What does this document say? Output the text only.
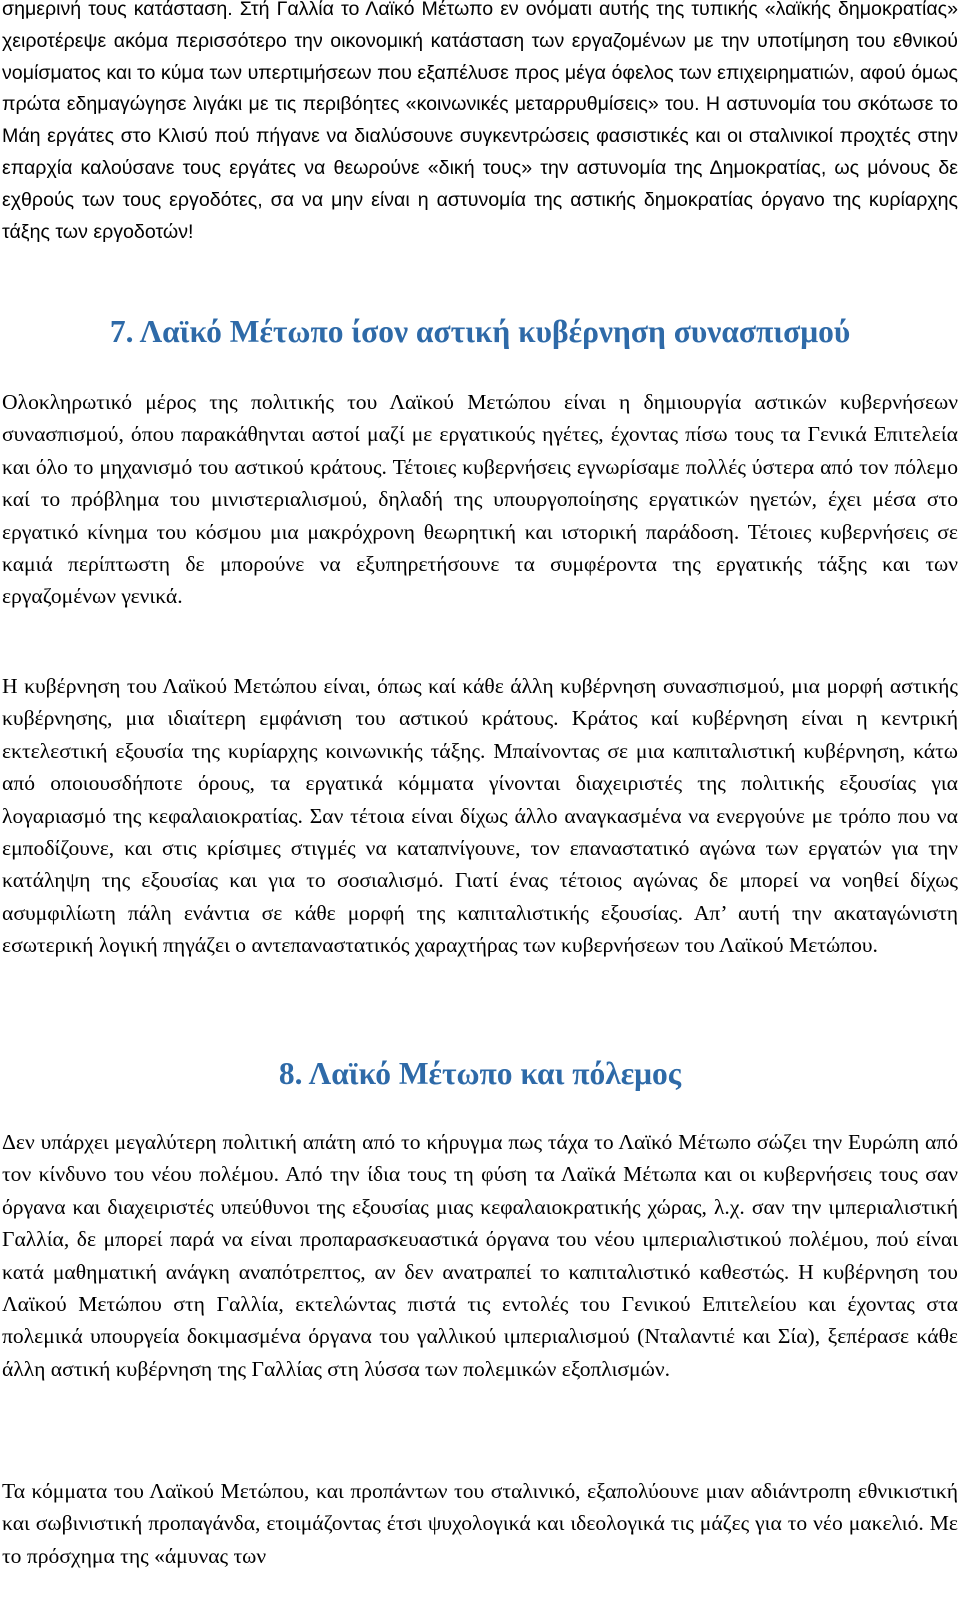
σημερινή τους κατάσταση. Στή Γαλλία το Λαϊκό Μέτωπο εν ονόματι αυτής της τυπικής «λαϊκής δημοκρατίας» χειροτέρεψε ακόμα περισσότερο την οικονομική κατάσταση των εργαζομένων με την υποτίμηση του εθνικού νομίσματος και το κύμα των υπερτιμήσεων που εξαπέλυσε προς μέγα όφελος των επιχειρηματιών, αφού όμως πρώτα εδημαγώγησε λιγάκι με τις περιβόητες «κοινωνικές μεταρρυθμίσεις» του. Η αστυνομία του σκότωσε το Μάη εργάτες στο Κλισύ πού πήγανε να διαλύσουνε συγκεντρώσεις φασιστικές και οι σταλινικοί προχτές στην επαρχία καλούσανε τους εργάτες να θεωρούνε «δική τους» την αστυνομία της Δημοκρατίας, ως μόνους δε εχθρούς των τους εργοδότες, σα να μην είναι η αστυνομία της αστικής δημοκρατίας όργανο της κυρίαρχης τάξης των εργοδοτών!

7. Λαϊκό Μέτωπο ίσον αστική κυβέρνηση συνασπισμού

Ολοκληρωτικό μέρος της πολιτικής του Λαϊκού Μετώπου είναι η δημιουργία αστικών κυβερνήσεων συνασπισμού, όπου παρακάθηνται αστοί μαζί με εργατικούς ηγέτες, έχοντας πίσω τους τα Γενικά Επιτελεία και όλο το μηχανισμό του αστικού κράτους. Τέτοιες κυβερνήσεις εγνωρίσαμε πολλές ύστερα από τον πόλεμο καί το πρόβλημα του μινιστεριαλισμού, δηλαδή της υπουργοποίησης εργατικών ηγετών, έχει μέσα στο εργατικό κίνημα του κόσμου μια μακρόχρονη θεωρητική και ιστορική παράδοση. Τέτοιες κυβερνήσεις σε καμιά περίπτωστη δε μπορούνε να εξυπηρετήσουνε τα συμφέροντα της εργατικής τάξης και των εργαζομένων γενικά.

Η κυβέρνηση του Λαϊκού Μετώπου είναι, όπως καί κάθε άλλη κυβέρνηση συνασπισμού, μια μορφή αστικής κυβέρνησης, μια ιδιαίτερη εμφάνιση του αστικού κράτους. Κράτος καί κυβέρνηση είναι η κεντρική εκτελεστική εξουσία της κυρίαρχης κοινωνικής τάξης. Μπαίνοντας σε μια καπιταλιστική κυβέρνηση, κάτω από οποιουσδήποτε όρους, τα εργατικά κόμματα γίνονται διαχειριστές της πολιτικής εξουσίας για λογαριασμό της κεφαλαιοκρατίας. Σαν τέτοια είναι δίχως άλλο αναγκασμένα να ενεργούνε με τρόπο που να εμποδίζουνε, και στις κρίσιμες στιγμές να καταπνίγουνε, τον επαναστατικό αγώνα των εργατών για την κατάληψη της εξουσίας και για το σοσιαλισμό. Γιατί ένας τέτοιος αγώνας δε μπορεί να νοηθεί δίχως ασυμφιλίωτη πάλη ενάντια σε κάθε μορφή της καπιταλιστικής εξουσίας. Απ’ αυτή την ακαταγώνιστη εσωτερική λογική πηγάζει ο αντεπαναστατικός χαραχτήρας των κυβερνήσεων του Λαϊκού Μετώπου.

8. Λαϊκό Μέτωπο και πόλεμος

Δεν υπάρχει μεγαλύτερη πολιτική απάτη από το κήρυγμα πως τάχα το Λαϊκό Μέτωπο σώζει την Ευρώπη από τον κίνδυνο του νέου πολέμου. Από την ίδια τους τη φύση τα Λαϊκά Μέτωπα και οι κυβερνήσεις τους σαν όργανα και διαχειριστές υπεύθυνοι της εξουσίας μιας κεφαλαιοκρατικής χώρας, λ.χ. σαν την ιμπεριαλιστική Γαλλία, δε μπορεί παρά να είναι προπαρασκευαστικά όργανα του νέου ιμπεριαλιστικού πολέμου, πού είναι κατά μαθηματική ανάγκη αναπότρεπτος, αν δεν ανατραπεί το καπιταλιστικό καθεστώς. Η κυβέρνηση του Λαϊκού Μετώπου στη Γαλλία, εκτελώντας πιστά τις εντολές του Γενικού Επιτελείου και έχοντας στα πολεμικά υπουργεία δοκιμασμένα όργανα του γαλλικού ιμπεριαλισμού (Νταλαντιέ και Σία), ξεπέρασε κάθε άλλη αστική κυβέρνηση της Γαλλίας στη λύσσα των πολεμικών εξοπλισμών.

Τα κόμματα του Λαϊκού Μετώπου, και προπάντων του σταλινικό, εξαπολύουνε μιαν αδιάντροπη εθνικιστική και σωβινιστική προπαγάνδα, ετοιμάζοντας έτσι ψυχολογικά και ιδεολογικά τις μάζες για το νέο μακελιό. Με το πρόσχημα της «άμυνας των
